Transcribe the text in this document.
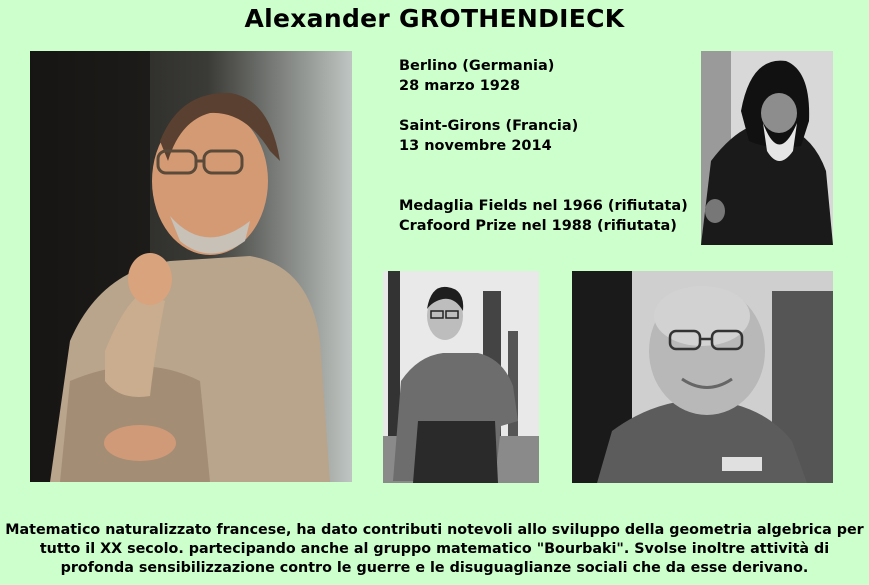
Alexander GROTHENDIECK
Berlino (Germania)
28 marzo 1928
Saint-Girons (Francia)
13 novembre 2014
Medaglia Fields nel 1966 (rifiutata)
Crafoord Prize nel 1988 (rifiutata)
Matematico naturalizzato francese, ha dato contributi notevoli allo sviluppo della geometria algebrica per
tutto il XX secolo. partecipando anche al gruppo matematico "Bourbaki". Svolse inoltre attività di
profonda sensibilizzazione contro le guerre e le disuguaglianze sociali che da esse derivano.
